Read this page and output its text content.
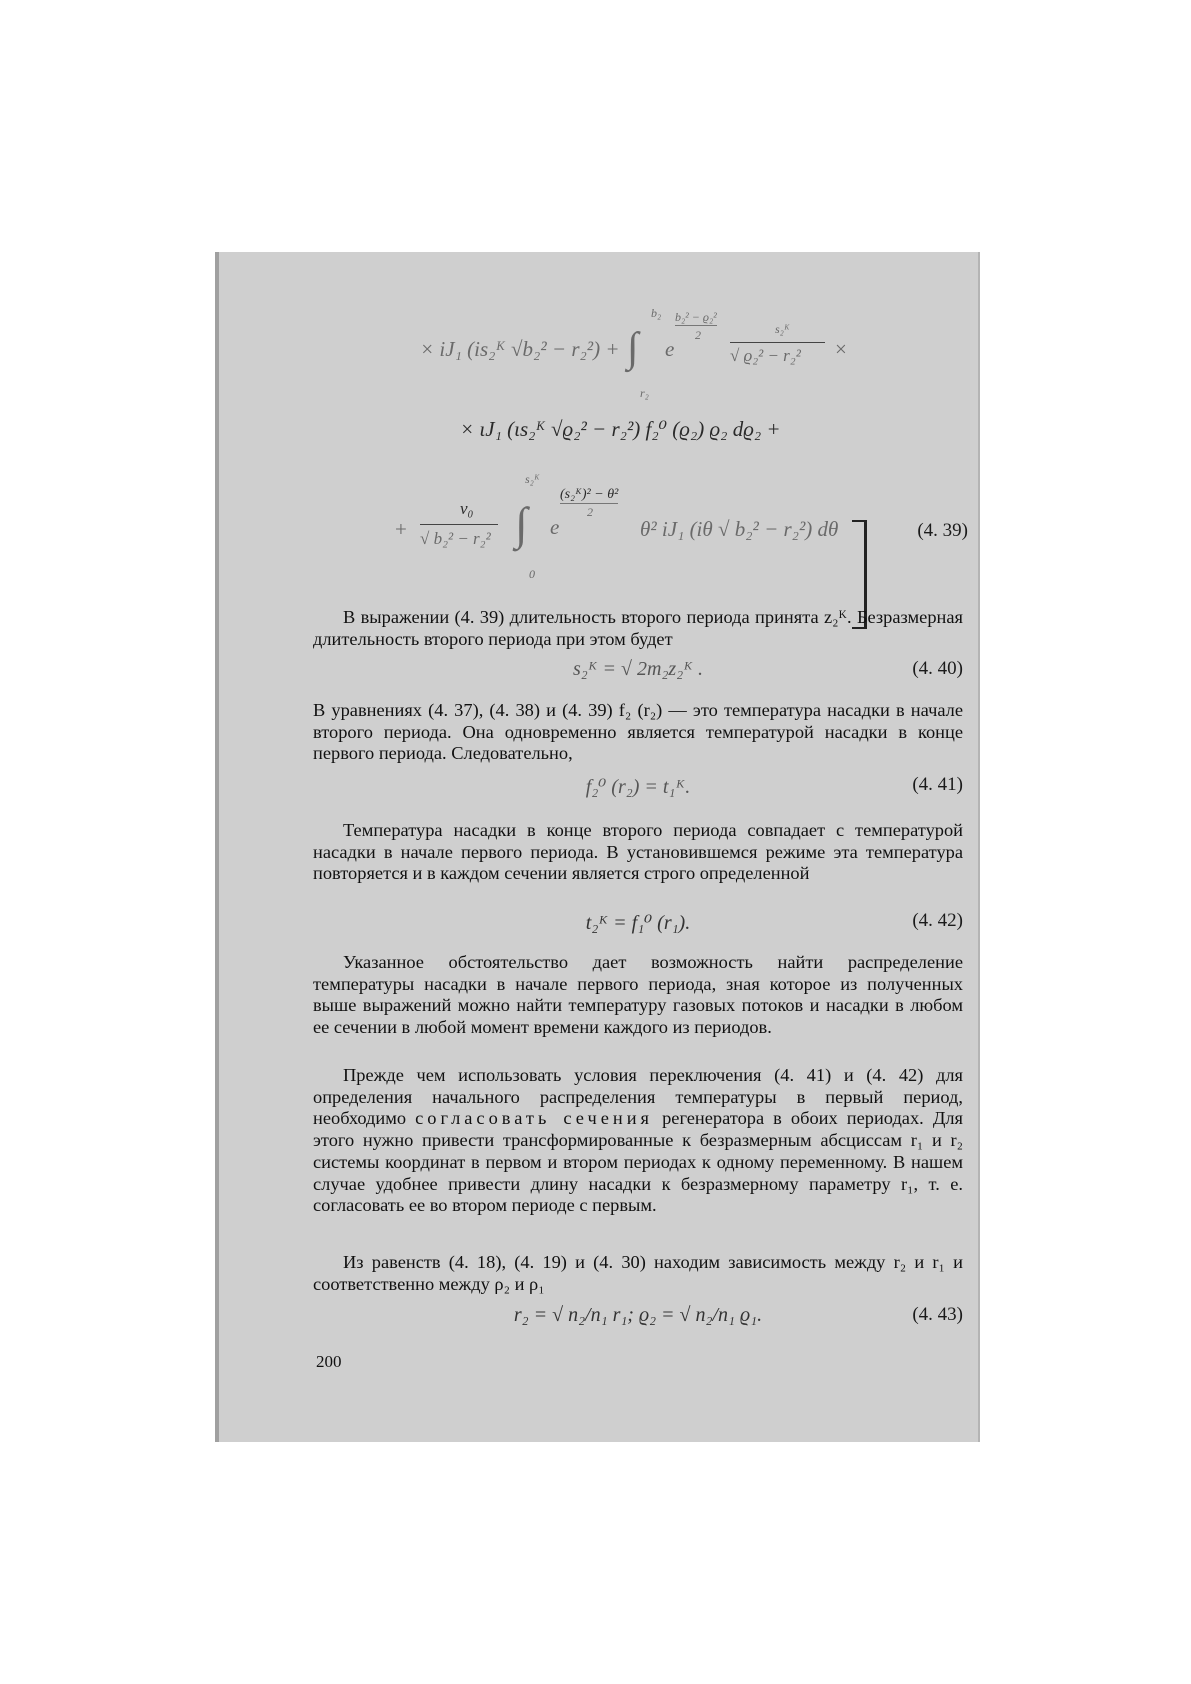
× iJ₁ (is₂ᴷ √b₂² − r₂²) + ∫
b₂
r₂
e
b₂² − ϱ₂²
2	s₂ᴷ
√ ϱ₂² − r₂² ×
× ιJ₁ (ιs₂ᴷ √ϱ₂² − r₂²) f₂⁰ (ϱ₂) ϱ₂ dϱ₂ +
+
v₀
√ b₂² − r₂² ∫
s₂ᴷ
0
e
(s₂ᴷ)² − θ²
2
θ² iJ₁ (iθ √ b₂² − r₂²) dθ	(4. 39)

В выражении (4. 39) длительность второго периода принята z₂ᴷ. Безразмерная длительность второго периода при этом будет

s₂ᴷ = √ 2m₂z₂ᴷ .	(4. 40)

В уравнениях (4. 37), (4. 38) и (4. 39) f₂ (r₂) — это температура насадки в начале второго периода. Она одновременно является температурой насадки в конце первого периода. Следовательно,

f₂⁰ (r₂) = t₁ᴷ.	(4. 41)

Температура насадки в конце второго периода совпадает с температурой насадки в начале первого периода. В установившемся режиме эта температура повторяется и в каждом сечении является строго определенной

t₂ᴷ = f₁⁰ (r₁).	(4. 42)

Указанное обстоятельство дает возможность найти распределение температуры насадки в начале первого периода, зная которое из полученных выше выражений можно найти температуру газовых потоков и насадки в любом ее сечении в любой момент времени каждого из периодов.

Прежде чем использовать условия переключения (4. 41) и (4. 42) для определения начального распределения температуры в первый период, необходимо согласовать сечения регенератора в обоих периодах. Для этого нужно привести трансформированные к безразмерным абсциссам r₁ и r₂ системы координат в первом и втором периодах к одному переменному. В нашем случае удобнее привести длину насадки к безразмерному параметру r₁, т. е. согласовать ее во втором периоде с первым.

Из равенств (4. 18), (4. 19) и (4. 30) находим зависимость между r₂ и r₁ и соответственно между ρ₂ и ρ₁

r₂ = √ n₂/n₁ r₁; ϱ₂ = √ n₂/n₁ ϱ₁.	(4. 43)
200
